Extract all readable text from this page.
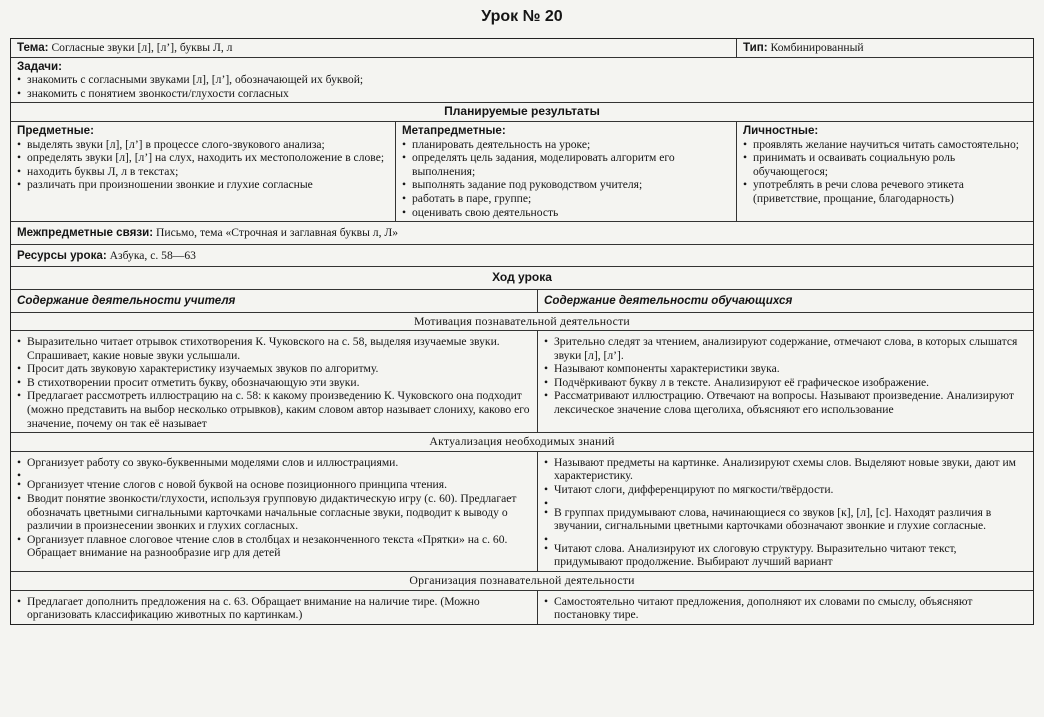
Урок № 20
Тема: Согласные звуки [л], [л’], буквы Л, л	Тип: Комбинированный
Задачи:
• знакомить с согласными звуками [л], [л’], обозначающей их буквой;
• знакомить с понятием звонкости/глухости согласных
Планируемые результаты
Предметные:
• выделять звуки [л], [л’] в процессе слого-звукового анализа;
• определять звуки [л], [л’] на слух, находить их местоположение в слове;
• находить буквы Л, л в текстах;
• различать при произношении звонкие и глухие согласные
Метапредметные:
• планировать деятельность на уроке;
• определять цель задания, моделировать алгоритм его выполнения;
• выполнять задание под руководством учителя;
• работать в паре, группе;
• оценивать свою деятельность
Личностные:
• проявлять желание научиться читать самостоятельно;
• принимать и осваивать социальную роль обучающегося;
• употреблять в речи слова речевого этикета (приветствие, прощание, благодарность)
Межпредметные связи: Письмо, тема «Строчная и заглавная буквы л, Л»
Ресурсы урока: Азбука, с. 58—63
Ход урока
Содержание деятельности учителя	Содержание деятельности обучающихся
Мотивация познавательной деятельности
• Выразительно читает отрывок стихотворения К. Чуковского на с. 58, выделяя изучаемые звуки. Спрашивает, какие новые звуки услышали.
• Просит дать звуковую характеристику изучаемых звуков по алгоритму.
• В стихотворении просит отметить букву, обозначающую эти звуки.
• Предлагает рассмотреть иллюстрацию на с. 58: к какому произведению К. Чуковского она подходит (можно представить на выбор несколько отрывков), каким словом автор называет слониху, каково его значение, почему он так её называет
• Зрительно следят за чтением, анализируют содержание, отмечают слова, в которых слышатся звуки [л], [л’].
• Называют компоненты характеристики звука.
• Подчёркивают букву л в тексте. Анализируют её графическое изображение.
• Рассматривают иллюстрацию. Отвечают на вопросы. Называют произведение. Анализируют лексическое значение слова щеголиха, объясняют его использование
Актуализация необходимых знаний
• Организует работу со звуко-буквенными моделями слов и иллюстрациями.
•
• Организует чтение слогов с новой буквой на основе позиционного принципа чтения.
• Вводит понятие звонкости/глухости, используя групповую дидактическую игру (с. 60). Предлагает обозначать цветными сигнальными карточками начальные согласные звуки, подводит к выводу о различии в произнесении звонких и глухих согласных.
• Организует плавное слоговое чтение слов в столбцах и незаконченного текста «Прятки» на с. 60. Обращает внимание на разнообразие игр для детей
• Называют предметы на картинке. Анализируют схемы слов. Выделяют новые звуки, дают им характеристику.
• Читают слоги, дифференцируют по мягкости/твёрдости.
•
• В группах придумывают слова, начинающиеся со звуков [к], [л], [с]. Находят различия в звучании, сигнальными цветными карточками обозначают звонкие и глухие согласные.
•
• Читают слова. Анализируют их слоговую структуру. Выразительно читают текст, придумывают продолжение. Выбирают лучший вариант
Организация познавательной деятельности
• Предлагает дополнить предложения на с. 63. Обращает внимание на наличие тире. (Можно организовать классификацию животных по картинкам.)
• Самостоятельно читают предложения, дополняют их словами по смыслу, объясняют постановку тире.
